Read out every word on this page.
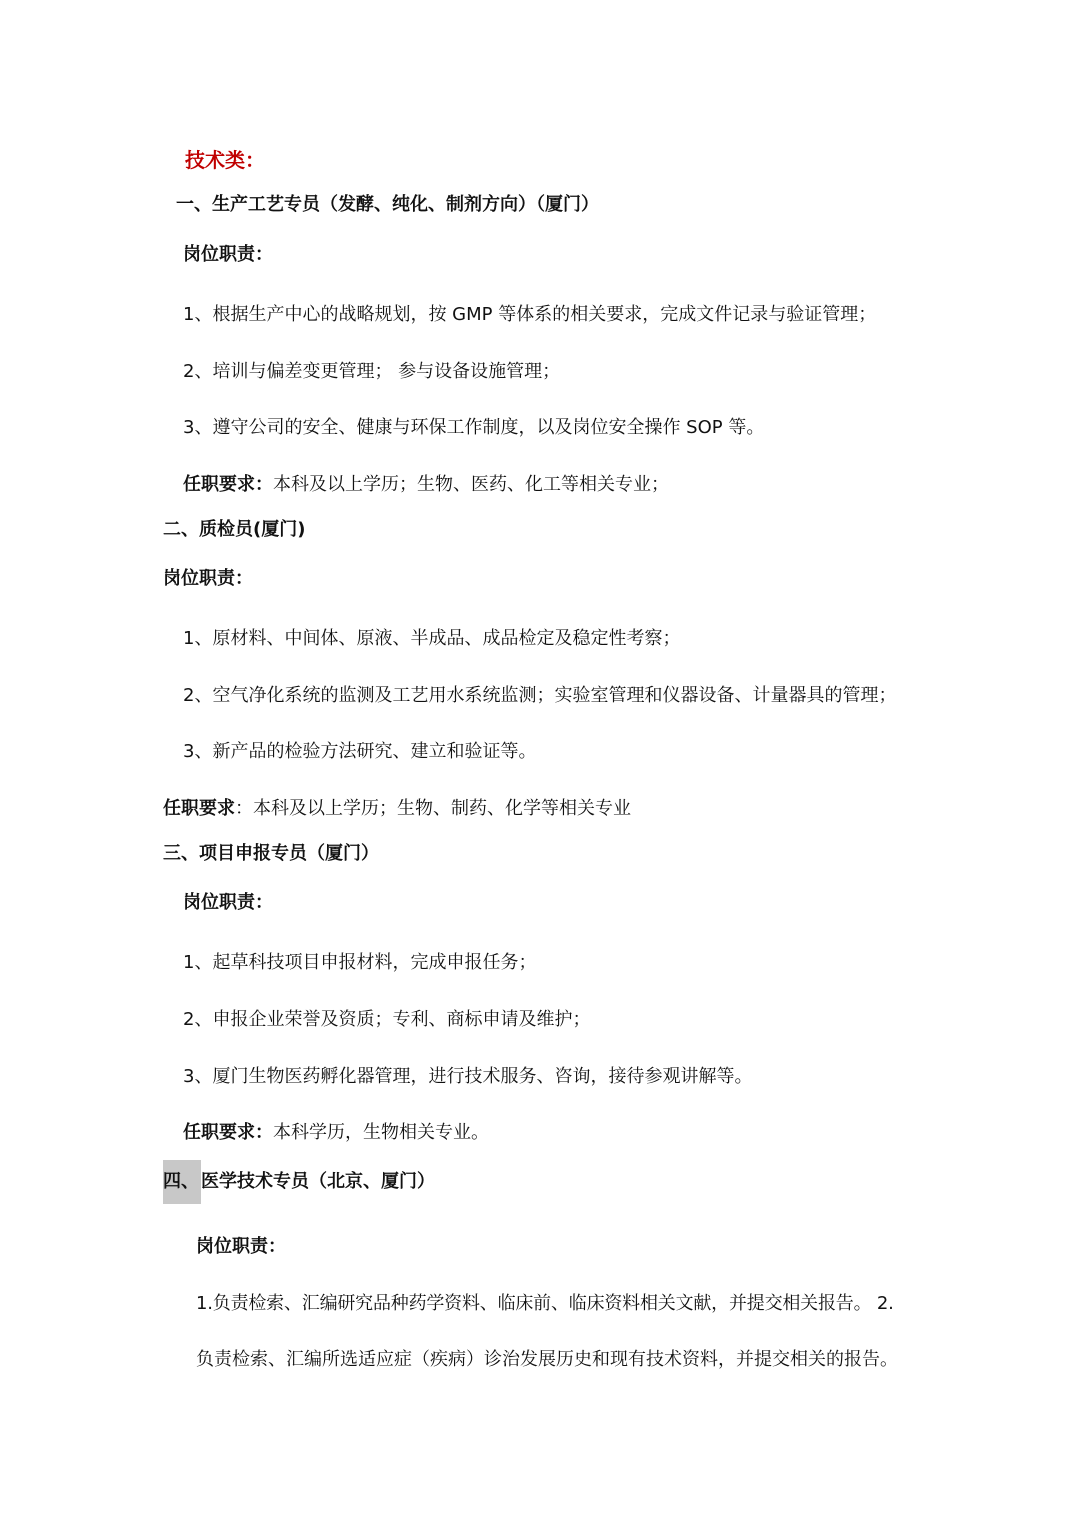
技术类：
一、生产工艺专员（发酵、纯化、制剂方向）（厦门）
岗位职责：
1、根据生产中心的战略规划，按 GMP 等体系的相关要求，完成文件记录与验证管理；
2、培训与偏差变更管理； 参与设备设施管理；
3、遵守公司的安全、健康与环保工作制度，以及岗位安全操作 SOP 等。
任职要求：本科及以上学历；生物、医药、化工等相关专业；
二、质检员(厦门)
岗位职责：
1、原材料、中间体、原液、半成品、成品检定及稳定性考察；
2、空气净化系统的监测及工艺用水系统监测；实验室管理和仪器设备、计量器具的管理；
3、新产品的检验方法研究、建立和验证等。
任职要求：本科及以上学历；生物、制药、化学等相关专业
三、项目申报专员（厦门）
岗位职责：
1、起草科技项目申报材料，完成申报任务；
2、申报企业荣誉及资质；专利、商标申请及维护；
3、厦门生物医药孵化器管理，进行技术服务、咨询，接待参观讲解等。
任职要求：本科学历，生物相关专业。
四、 医学技术专员（北京、厦门）
岗位职责：
1.负责检索、汇编研究品种药学资料、临床前、临床资料相关文献，并提交相关报告。 2.
负责检索、汇编所选适应症（疾病）诊治发展历史和现有技术资料，并提交相关的报告。
